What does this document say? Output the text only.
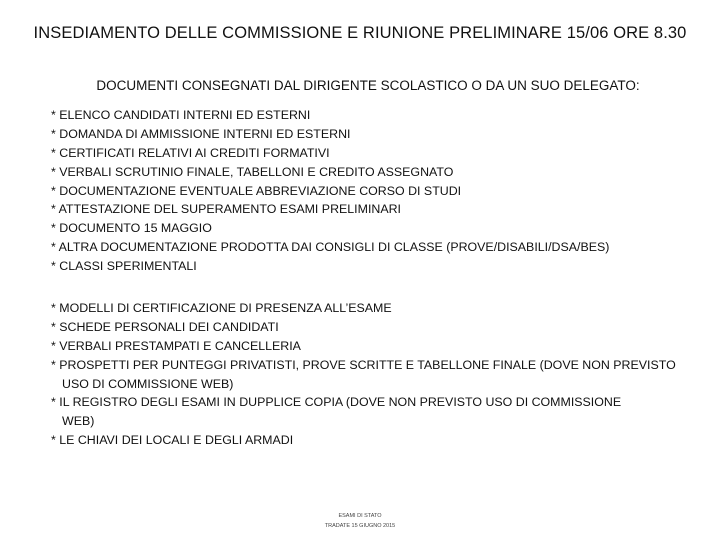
INSEDIAMENTO DELLE COMMISSIONE E RIUNIONE PRELIMINARE 15/06 ORE 8.30
DOCUMENTI CONSEGNATI DAL DIRIGENTE SCOLASTICO O DA UN SUO DELEGATO:
* ELENCO CANDIDATI INTERNI ED ESTERNI
* DOMANDA DI AMMISSIONE INTERNI ED ESTERNI
* CERTIFICATI RELATIVI AI CREDITI FORMATIVI
* VERBALI SCRUTINIO FINALE, TABELLONI E CREDITO ASSEGNATO
* DOCUMENTAZIONE EVENTUALE ABBREVIAZIONE CORSO DI STUDI
* ATTESTAZIONE DEL SUPERAMENTO ESAMI PRELIMINARI
* DOCUMENTO 15 MAGGIO
* ALTRA DOCUMENTAZIONE PRODOTTA DAI CONSIGLI DI CLASSE (PROVE/DISABILI/DSA/BES)
* CLASSI SPERIMENTALI
* MODELLI DI CERTIFICAZIONE DI PRESENZA ALL’ESAME
* SCHEDE PERSONALI DEI CANDIDATI
* VERBALI PRESTAMPATI E CANCELLERIA
* PROSPETTI PER PUNTEGGI PRIVATISTI, PROVE SCRITTE E TABELLONE FINALE (DOVE NON PREVISTO
USO DI COMMISSIONE WEB)
* IL REGISTRO DEGLI ESAMI IN DUPPLICE COPIA (DOVE NON PREVISTO USO DI COMMISSIONE
WEB)
* LE CHIAVI DEI LOCALI E DEGLI ARMADI
ESAMI DI STATO
TRADATE 15 GIUGNO 2015
